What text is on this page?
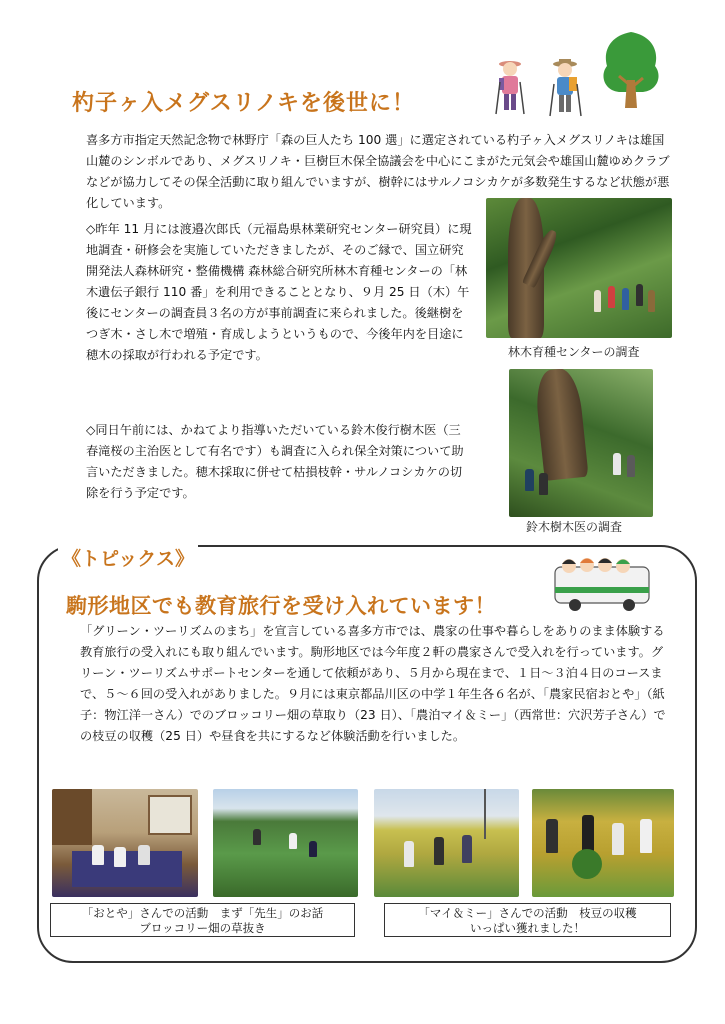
杓子ヶ入メグスリノキを後世に！
喜多方市指定天然記念物で林野庁「森の巨人たち 100 選」に選定されている杓子ヶ入メグスリノキは雄国山麓のシンボルであり、メグスリノキ・巨樹巨木保全協議会を中心にこまがた元気会や雄国山麓ゆめクラブなどが協力してその保全活動に取り組んでいますが、樹幹にはサルノコシカケが多数発生するなど状態が悪化しています。
◇昨年 11 月には渡邉次郎氏（元福島県林業研究センター研究員）に現地調査・研修会を実施していただきましたが、そのご縁で、国立研究開発法人森林研究・整備機構 森林総合研究所林木育種センターの「林木遺伝子銀行 110 番」を利用できることとなり、９月 25 日（木）午後にセンターの調査員３名の方が事前調査に来られました。後継樹をつぎ木・さし木で増殖・育成しようというもので、今後年内を目途に穂木の採取が行われる予定です。
◇同日午前には、かねてより指導いただいている鈴木俊行樹木医（三春滝桜の主治医として有名です）も調査に入られ保全対策について助言いただきました。穂木採取に併せて枯損枝幹・サルノコシカケの切除を行う予定です。
林木育種センターの調査
鈴木樹木医の調査
《トピックス》
駒形地区でも教育旅行を受け入れています！
「グリーン・ツーリズムのまち」を宣言している喜多方市では、農家の仕事や暮らしをありのまま体験する教育旅行の受入れにも取り組んでいます。駒形地区では今年度２軒の農家さんで受入れを行っています。グリーン・ツーリズムサポートセンターを通して依頼があり、５月から現在まで、１日～３泊４日のコースまで、５～６回の受入れがありました。９月には東京都品川区の中学１年生各６名が、「農家民宿おとや」（紙子：物江洋一さん）でのブロッコリー畑の草取り（23 日）、「農泊マイ＆ミー」（西常世：穴沢芳子さん）での枝豆の収穫（25 日）や昼食を共にするなど体験活動を行いました。
「おとや」さんでの活動　まず「先生」のお話
ブロッコリー畑の草抜き
「マイ＆ミー」さんでの活動　枝豆の収穫
いっぱい獲れました！
